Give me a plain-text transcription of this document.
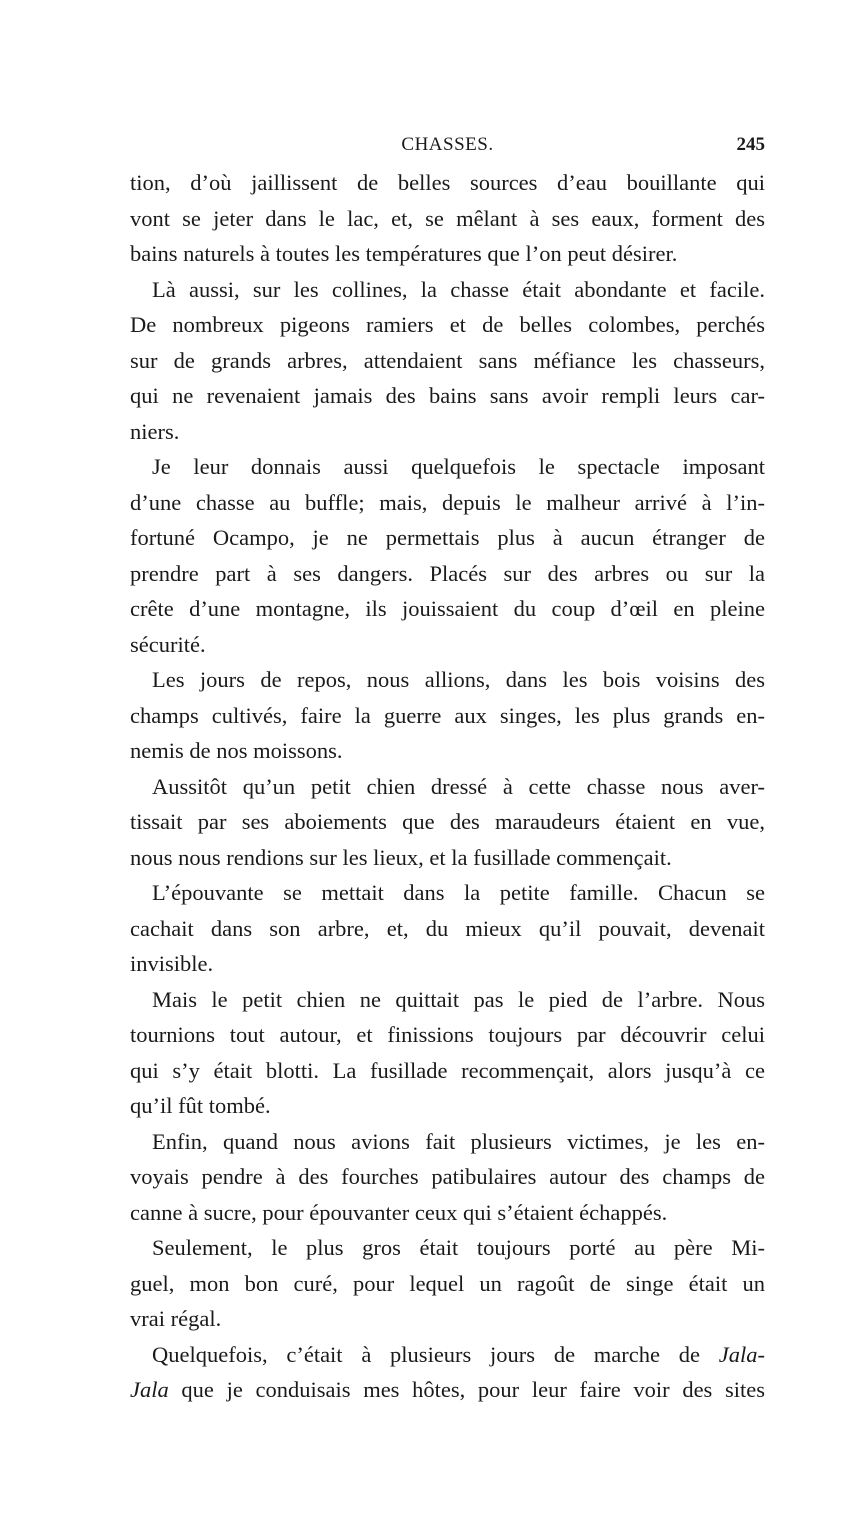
CHASSES.	245
tion, d’où jaillissent de belles sources d’eau bouillante qui
vont se jeter dans le lac, et, se mêlant à ses eaux, forment des
bains naturels à toutes les températures que l’on peut désirer.
Là aussi, sur les collines, la chasse était abondante et facile.
De nombreux pigeons ramiers et de belles colombes, perchés
sur de grands arbres, attendaient sans méfiance les chasseurs,
qui ne revenaient jamais des bains sans avoir rempli leurs car-
niers.
Je leur donnais aussi quelquefois le spectacle imposant
d’une chasse au buffle; mais, depuis le malheur arrivé à l’in-
fortuné Ocampo, je ne permettais plus à aucun étranger de
prendre part à ses dangers. Placés sur des arbres ou sur la
crête d’une montagne, ils jouissaient du coup d’œil en pleine
sécurité.
Les jours de repos, nous allions, dans les bois voisins des
champs cultivés, faire la guerre aux singes, les plus grands en-
nemis de nos moissons.
Aussitôt qu’un petit chien dressé à cette chasse nous aver-
tissait par ses aboiements que des maraudeurs étaient en vue,
nous nous rendions sur les lieux, et la fusillade commençait.
L’épouvante se mettait dans la petite famille. Chacun se
cachait dans son arbre, et, du mieux qu’il pouvait, devenait
invisible.
Mais le petit chien ne quittait pas le pied de l’arbre. Nous
tournions tout autour, et finissions toujours par découvrir celui
qui s’y était blotti. La fusillade recommençait, alors jusqu’à ce
qu’il fût tombé.
Enfin, quand nous avions fait plusieurs victimes, je les en-
voyais pendre à des fourches patibulaires autour des champs de
canne à sucre, pour épouvanter ceux qui s’étaient échappés.
Seulement, le plus gros était toujours porté au père Mi-
guel, mon bon curé, pour lequel un ragoût de singe était un
vrai régal.
Quelquefois, c’était à plusieurs jours de marche de Jala-
Jala que je conduisais mes hôtes, pour leur faire voir des sites
